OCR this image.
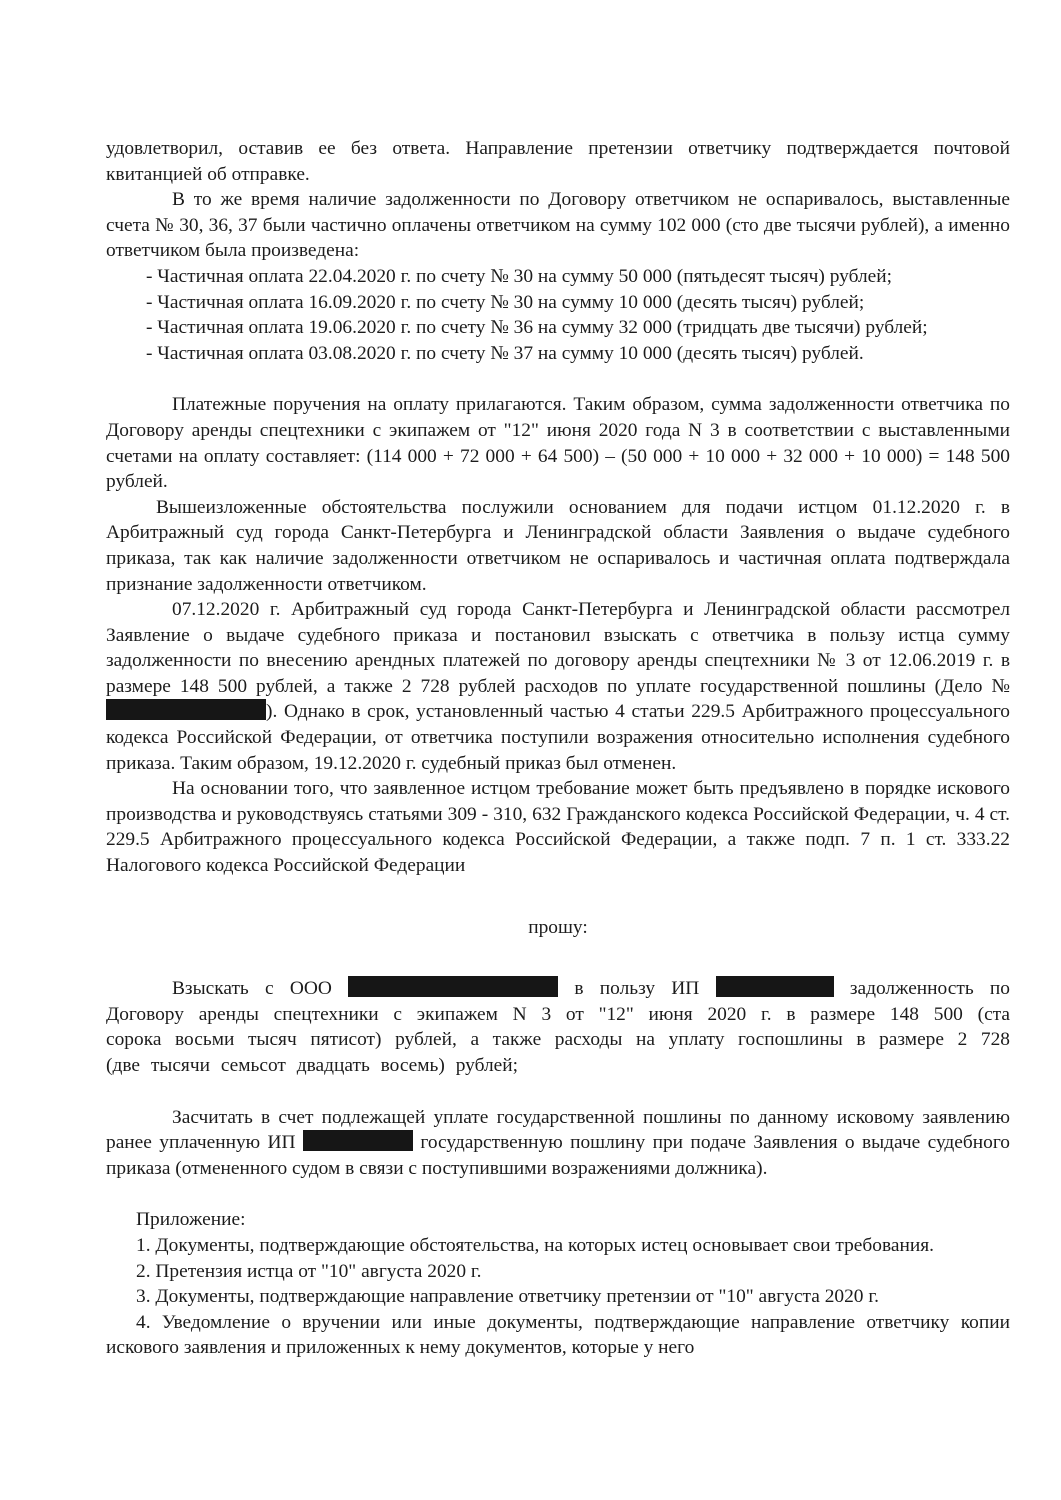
удовлетворил, оставив ее без ответа. Направление претензии ответчику подтверждается почтовой квитанцией об отправке.

В то же время наличие задолженности по Договору ответчиком не оспаривалось, выставленные счета № 30, 36, 37 были частично оплачены ответчиком на сумму 102 000 (сто две тысячи рублей), а именно ответчиком была произведена:

- Частичная оплата 22.04.2020 г. по счету № 30 на сумму 50 000 (пятьдесят тысяч) рублей;

- Частичная оплата 16.09.2020 г. по счету № 30 на сумму 10 000 (десять тысяч) рублей;

- Частичная оплата 19.06.2020 г. по счету № 36 на сумму 32 000 (тридцать две тысячи) рублей;

- Частичная оплата 03.08.2020 г. по счету № 37 на сумму 10 000 (десять тысяч) рублей.

Платежные поручения на оплату прилагаются. Таким образом, сумма задолженности ответчика по Договору аренды спецтехники с экипажем от "12" июня 2020 года N 3 в соответствии с выставленными счетами на оплату составляет: (114 000 + 72 000 + 64 500) – (50 000 + 10 000 + 32 000 + 10 000) = 148 500 рублей.

Вышеизложенные обстоятельства послужили основанием для подачи истцом 01.12.2020 г. в Арбитражный суд города Санкт-Петербурга и Ленинградской области Заявления о выдаче судебного приказа, так как наличие задолженности ответчиком не оспаривалось и частичная оплата подтверждала признание задолженности ответчиком.

07.12.2020 г. Арбитражный суд города Санкт-Петербурга и Ленинградской области рассмотрел Заявление о выдаче судебного приказа и постановил взыскать с ответчика в пользу истца сумму задолженности по внесению арендных платежей по договору аренды спецтехники № 3 от 12.06.2019 г. в размере 148 500 рублей, а также 2 728 рублей расходов по уплате государственной пошлины (Дело № ). Однако в срок, установленный частью 4 статьи 229.5 Арбитражного процессуального кодекса Российской Федерации, от ответчика поступили возражения относительно исполнения судебного приказа. Таким образом, 19.12.2020 г. судебный приказ был отменен.

На основании того, что заявленное истцом требование может быть предъявлено в порядке искового производства и руководствуясь статьями 309 - 310, 632 Гражданского кодекса Российской Федерации, ч. 4 ст. 229.5 Арбитражного процессуального кодекса Российской Федерации, а также подп. 7 п. 1 ст. 333.22 Налогового кодекса Российской Федерации

прошу:

Взыскать с ООО	в пользу ИП	задолженность по Договору аренды спецтехники с экипажем N 3 от "12" июня 2020 г. в размере 148 500 (ста сорока восьми тысяч пятисот) рублей, а также расходы на уплату госпошлины в размере 2 728 (две тысячи семьсот двадцать восемь) рублей;

Засчитать в счет подлежащей уплате государственной пошлины по данному исковому заявлению ранее уплаченную ИП	государственную пошлину при подаче Заявления о выдаче судебного приказа (отмененного судом в связи с поступившими возражениями должника).

Приложение:

1. Документы, подтверждающие обстоятельства, на которых истец основывает свои требования.

2. Претензия истца от "10" августа 2020 г.

3. Документы, подтверждающие направление ответчику претензии от "10" августа 2020 г.

4. Уведомление о вручении или иные документы, подтверждающие направление ответчику копии искового заявления и приложенных к нему документов, которые у него
